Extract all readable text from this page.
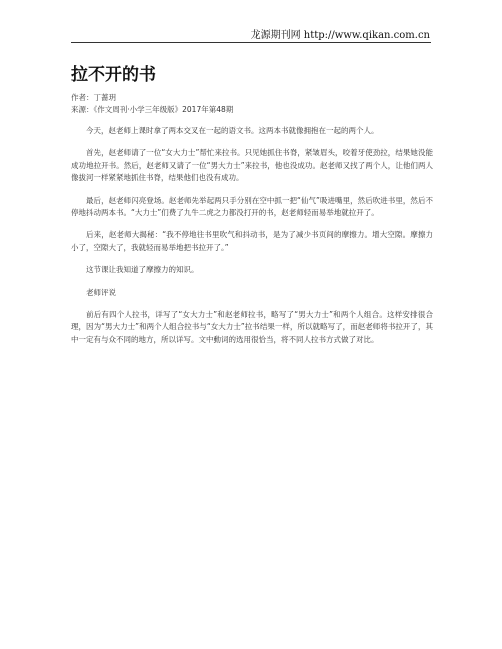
龙源期刊网 http://www.qikan.com.cn
拉不开的书
作者：丁蔷玥
来源：《作文周刊·小学三年级版》2017年第48期

今天，赵老师上课时拿了两本交叉在一起的语文书。这两本书就像拥抱在一起的两个人。

首先，赵老师请了一位“女大力士”帮忙来拉书。只见她抓住书脊，紧皱眉头，咬着牙使劲拉，结果她没能成功地拉开书。然后，赵老师又请了一位“男大力士”来拉书，他也没成功。赵老师又找了两个人，让他们两人像拔河一样紧紧地抓住书脊，结果他们也没有成功。

最后，赵老师闪亮登场。赵老师先举起两只手分别在空中抓一把“仙气”吸进嘴里，然后吹进书里，然后不停地抖动两本书。“大力士”们费了九牛二虎之力都没打开的书，赵老师轻而易举地就拉开了。

后来，赵老师大揭秘：“我不停地往书里吹气和抖动书，是为了减少书页间的摩擦力。增大空隙。摩擦力小了，空隙大了，我就轻而易举地把书拉开了。”

这节课让我知道了摩擦力的知识。

老师评说

前后有四个人拉书，详写了“女大力士”和赵老师拉书，略写了“男大力士”和两个人组合。这样安排很合理，因为“男大力士”和两个人组合拉书与“女大力士”拉书结果一样，所以就略写了，而赵老师将书拉开了，其中一定有与众不同的地方，所以详写。文中動词的选用很恰当，将不同人拉书方式做了对比。
